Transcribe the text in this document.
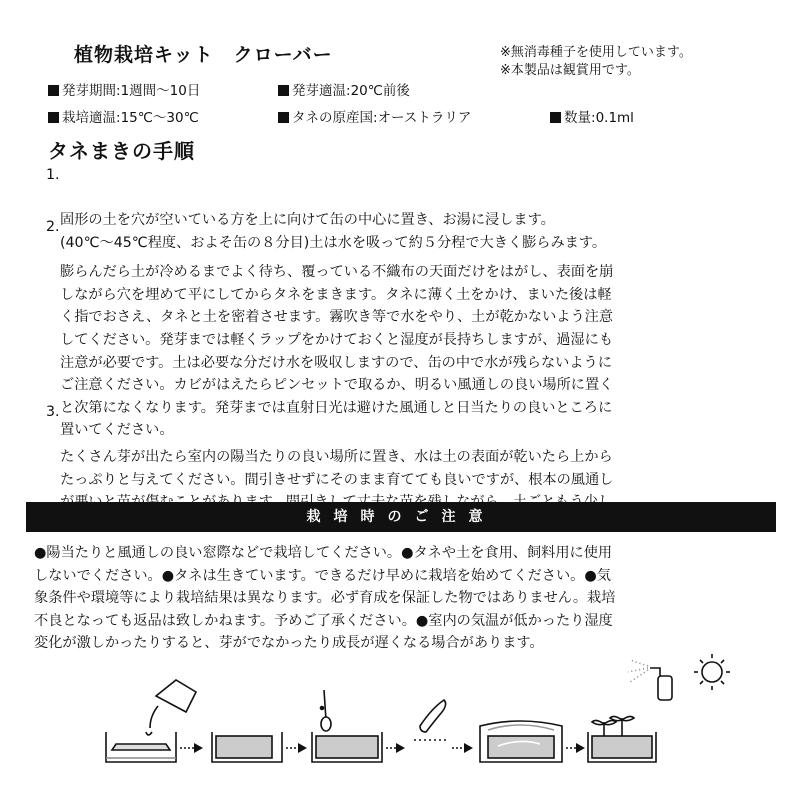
植物栽培キット　クローバー	※無消毒種子を使用しています。
※本製品は観賞用です。
発芽期間:1週間〜10日	発芽適温:20℃前後
栽培適温:15℃〜30℃	タネの原産国:オーストラリア	数量:0.1ml
タネまきの手順

1.

固形の土を穴が空いている方を上に向けて缶の中心に置き、お湯に浸します。
(40℃〜45℃程度、およそ缶の８分目)土は水を吸って約５分程で大きく膨らみます。

2.

膨らんだら土が冷めるまでよく待ち、覆っている不織布の天面だけをはがし、表面を崩
しながら穴を埋めて平にしてからタネをまきます。タネに薄く土をかけ、まいた後は軽
く指でおさえ、タネと土を密着させます。霧吹き等で水をやり、土が乾かないよう注意
してください。発芽までは軽くラップをかけておくと湿度が長持ちしますが、過湿にも
注意が必要です。土は必要な分だけ水を吸収しますので、缶の中で水が残らないように
ご注意ください。カビがはえたらピンセットで取るか、明るい風通しの良い場所に置く
と次第になくなります。発芽までは直射日光は避けた風通しと日当たりの良いところに
置いてください。

3.

たくさん芽が出たら室内の陽当たりの良い場所に置き、水は土の表面が乾いたら上から
たっぷりと与えてください。間引きせずにそのまま育てても良いですが、根本の風通し

栽培時のご注意
●陽当たりと風通しの良い窓際などで栽培してください。●タネや土を食用、飼料用に使用
しないでください。●タネは生きています。できるだけ早めに栽培を始めてください。●気
象条件や環境等により栽培結果は異なります。必ず育成を保証した物ではありません。栽培
不良となっても返品は致しかねます。予めご了承ください。●室内の気温が低かったり湿度
変化が激しかったりすると、芽がでなかったり成長が遅くなる場合があります。
